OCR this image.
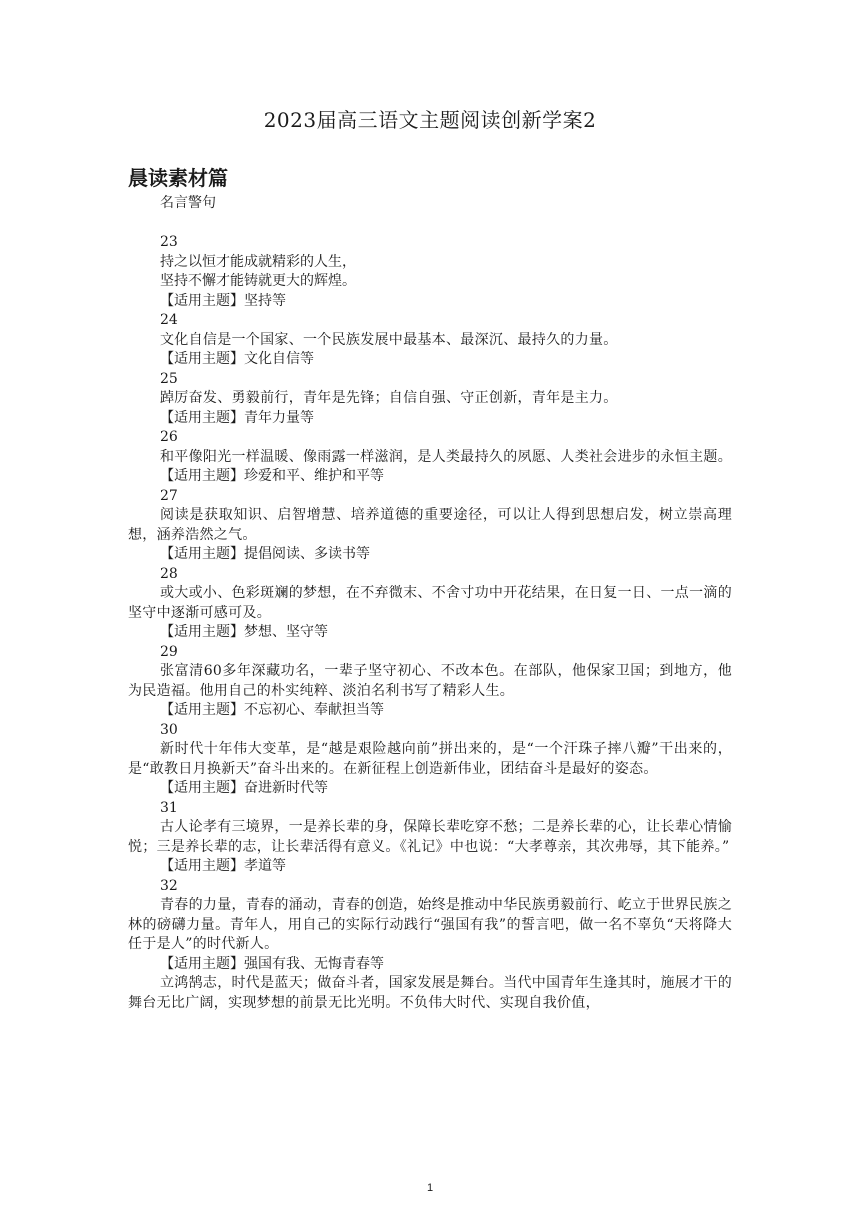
2023届高三语文主题阅读创新学案2
晨读素材篇
名言警句
23
持之以恒才能成就精彩的人生，
坚持不懈才能铸就更大的辉煌。
【适用主题】坚持等
24
文化自信是一个国家、一个民族发展中最基本、最深沉、最持久的力量。
【适用主题】文化自信等
25
踔厉奋发、勇毅前行，青年是先锋；自信自强、守正创新，青年是主力。
【适用主题】青年力量等
26
和平像阳光一样温暖、像雨露一样滋润，是人类最持久的夙愿、人类社会进步的永恒主题。
【适用主题】珍爱和平、维护和平等
27
阅读是获取知识、启智增慧、培养道德的重要途径，可以让人得到思想启发，树立崇高理想，涵养浩然之气。
【适用主题】提倡阅读、多读书等
28
或大或小、色彩斑斓的梦想，在不弃微末、不舍寸功中开花结果，在日复一日、一点一滴的坚守中逐渐可感可及。
【适用主题】梦想、坚守等
29
张富清60多年深藏功名，一辈子坚守初心、不改本色。在部队，他保家卫国；到地方，他为民造福。他用自己的朴实纯粹、淡泊名利书写了精彩人生。
【适用主题】不忘初心、奉献担当等
30
新时代十年伟大变革，是“越是艰险越向前”拼出来的，是“一个汗珠子摔八瓣”干出来的，是“敢教日月换新天”奋斗出来的。在新征程上创造新伟业，团结奋斗是最好的姿态。
【适用主题】奋进新时代等
31
古人论孝有三境界，一是养长辈的身，保障长辈吃穿不愁；二是养长辈的心，让长辈心情愉悦；三是养长辈的志，让长辈活得有意义。《礼记》中也说：“大孝尊亲，其次弗辱，其下能养。”
【适用主题】孝道等
32
青春的力量，青春的涌动，青春的创造，始终是推动中华民族勇毅前行、屹立于世界民族之林的磅礴力量。青年人，用自己的实际行动践行“强国有我”的誓言吧，做一名不辜负“天将降大任于是人”的时代新人。
【适用主题】强国有我、无悔青春等
立鸿鹄志，时代是蓝天；做奋斗者，国家发展是舞台。当代中国青年生逢其时，施展才干的舞台无比广阔，实现梦想的前景无比光明。不负伟大时代、实现自我价值，
1
